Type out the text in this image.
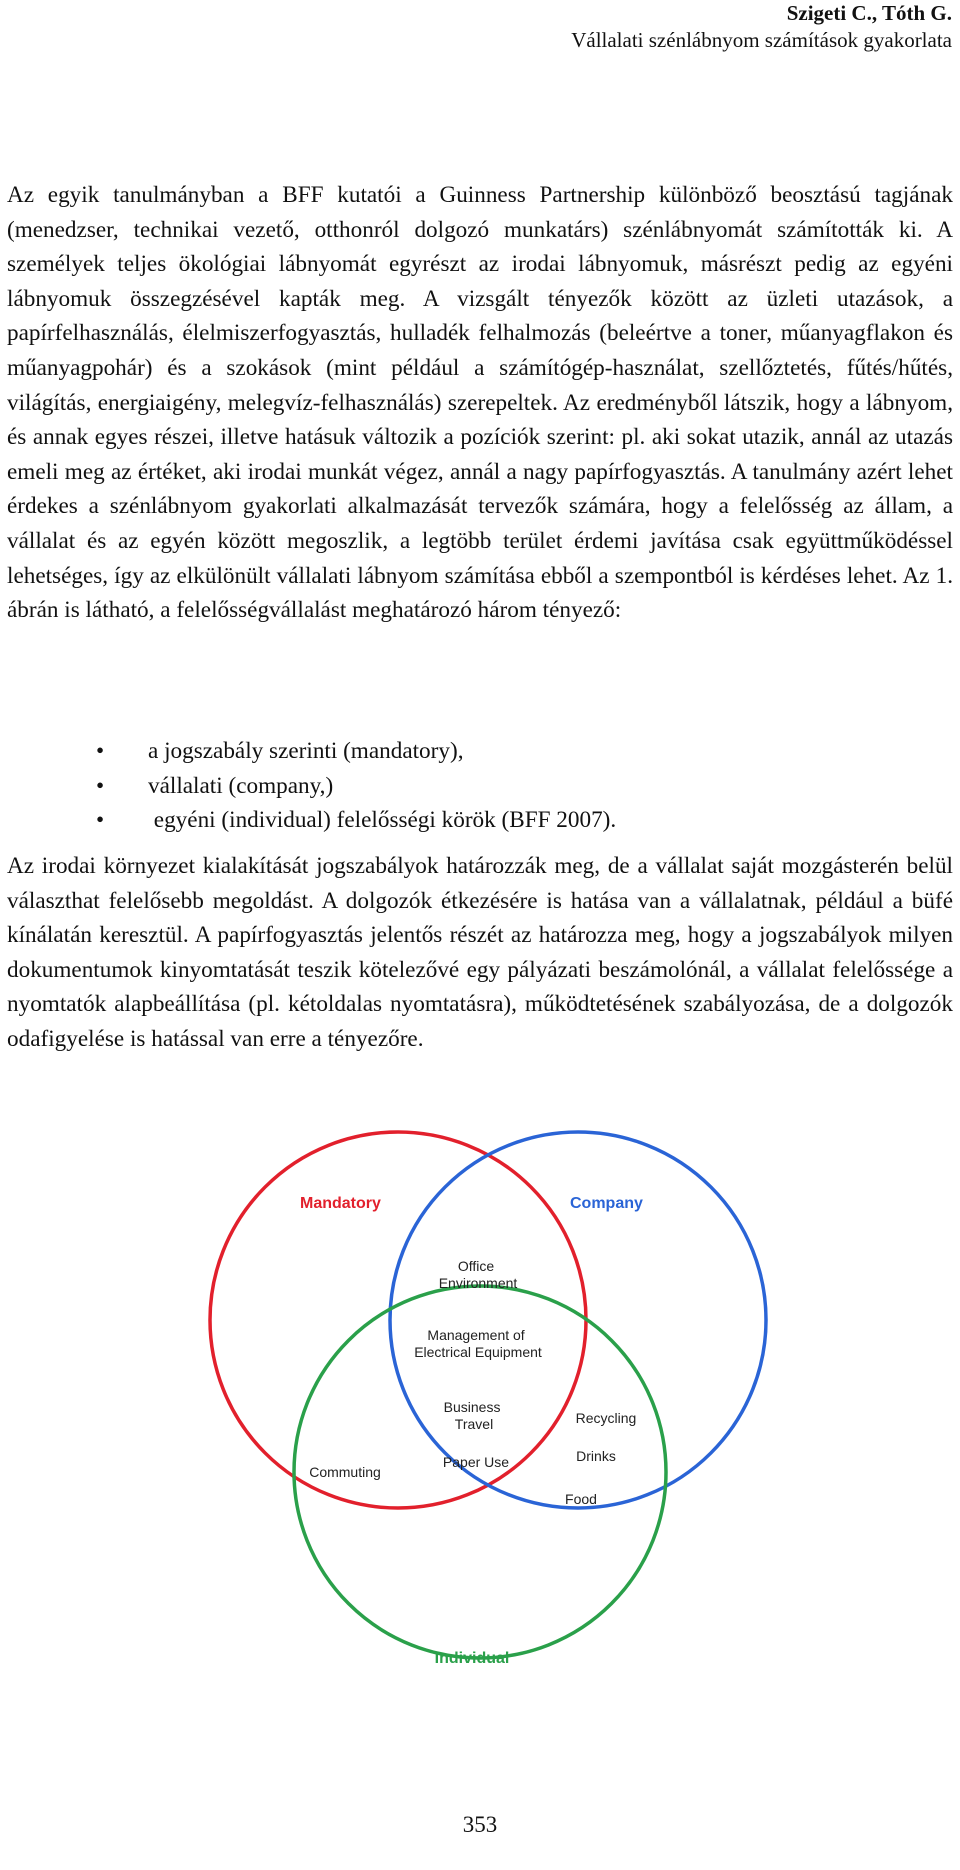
Szigeti C., Tóth G.
Vállalati szénlábnyom számítások gyakorlata

Az egyik tanulmányban a BFF kutatói a Guinness Partnership különböző beosztású tagjának (menedzser, technikai vezető, otthonról dolgozó munkatárs) szénlábnyomát számították ki. A személyek teljes ökológiai lábnyomát egyrészt az irodai lábnyomuk, másrészt pedig az egyéni lábnyomuk összegzésével kapták meg. A vizsgált tényezők között az üzleti utazások, a papírfelhasználás, élelmiszerfogyasztás, hulladék felhalmozás (beleértve a toner, műanyagflakon és műanyagpohár) és a szokások (mint például a számítógép-használat, szellőztetés, fűtés/hűtés, világítás, energiaigény, melegvíz-felhasználás) szerepeltek. Az eredményből látszik, hogy a lábnyom, és annak egyes részei, illetve hatásuk változik a pozíciók szerint: pl. aki sokat utazik, annál az utazás emeli meg az értéket, aki irodai munkát végez, annál a nagy papírfogyasztás. A tanulmány azért lehet érdekes a szénlábnyom gyakorlati alkalmazását tervezők számára, hogy a felelősség az állam, a vállalat és az egyén között megoszlik, a legtöbb terület érdemi javítása csak együttműködéssel lehetséges, így az elkülönült vállalati lábnyom számítása ebből a szempontból is kérdéses lehet. Az 1. ábrán is látható, a felelősségvállalást meghatározó három tényező:

• a jogszabály szerinti (mandatory),
• vállalati (company,)
• egyéni (individual) felelősségi körök (BFF 2007).

Az irodai környezet kialakítását jogszabályok határozzák meg, de a vállalat saját mozgásterén belül választhat felelősebb megoldást. A dolgozók étkezésére is hatása van a vállalatnak, például a büfé kínálatán keresztül. A papírfogyasztás jelentős részét az határozza meg, hogy a jogszabályok milyen dokumentumok kinyomtatását teszik kötelezővé egy pályázati beszámolónál, a vállalat felelőssége a nyomtatók alapbeállítása (pl. kétoldalas nyomtatásra), működtetésének szabályozása, de a dolgozók odafigyelése is hatással van erre a tényezőre.

Mandatory	Company
Individual
Office Environment
Management of Electrical Equipment
Business Travel
Paper Use
Recycling
Drinks
Food
Commuting
353
